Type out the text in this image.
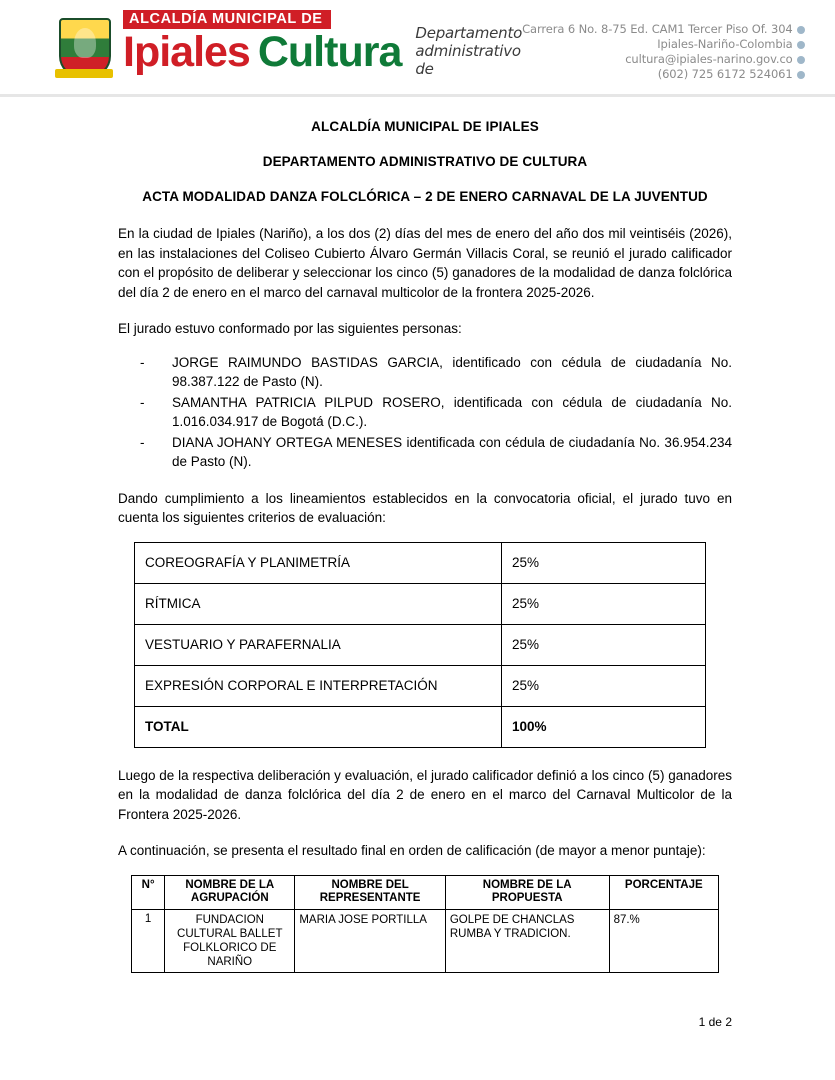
ALCALDÍA MUNICIPAL DE
Ipiales Cultura Departamento administrativo de
Carrera 6 No. 8-75 Ed. CAM1 Tercer Piso Of. 304
Ipiales-Nariño-Colombia
cultura@ipiales-narino.gov.co
(602) 725 6172 524061
ALCALDÍA MUNICIPAL DE IPIALES
DEPARTAMENTO ADMINISTRATIVO DE CULTURA
ACTA MODALIDAD DANZA FOLCLÓRICA – 2 DE ENERO CARNAVAL DE LA JUVENTUD

En la ciudad de Ipiales (Nariño), a los dos (2) días del mes de enero del año dos mil veintiséis (2026), en las instalaciones del Coliseo Cubierto Álvaro Germán Villacis Coral, se reunió el jurado calificador con el propósito de deliberar y seleccionar los cinco (5) ganadores de la modalidad de danza folclórica del día 2 de enero en el marco del carnaval multicolor de la frontera 2025-2026.

El jurado estuvo conformado por las siguientes personas:

- JORGE RAIMUNDO BASTIDAS GARCIA, identificado con cédula de ciudadanía No. 98.387.122 de Pasto (N).
- SAMANTHA PATRICIA PILPUD ROSERO, identificada con cédula de ciudadanía No. 1.016.034.917 de Bogotá (D.C.).
- DIANA JOHANY ORTEGA MENESES identificada con cédula de ciudadanía No. 36.954.234 de Pasto (N).

Dando cumplimiento a los lineamientos establecidos en la convocatoria oficial, el jurado tuvo en cuenta los siguientes criterios de evaluación:

COREOGRAFÍA Y PLANIMETRÍA	25%
RÍTMICA	25%
VESTUARIO Y PARAFERNALIA	25%
EXPRESIÓN CORPORAL E INTERPRETACIÓN	25%
TOTAL	100%

Luego de la respectiva deliberación y evaluación, el jurado calificador definió a los cinco (5) ganadores en la modalidad de danza folclórica del día 2 de enero en el marco del Carnaval Multicolor de la Frontera 2025-2026.

A continuación, se presenta el resultado final en orden de calificación (de mayor a menor puntaje):

N°	NOMBRE DE LA AGRUPACIÓN	NOMBRE DEL REPRESENTANTE	NOMBRE DE LA PROPUESTA	PORCENTAJE
1	FUNDACION CULTURAL BALLET FOLKLORICO DE NARIÑO	MARIA JOSE PORTILLA	GOLPE DE CHANCLAS RUMBA Y TRADICION.	87.%
1 de 2
